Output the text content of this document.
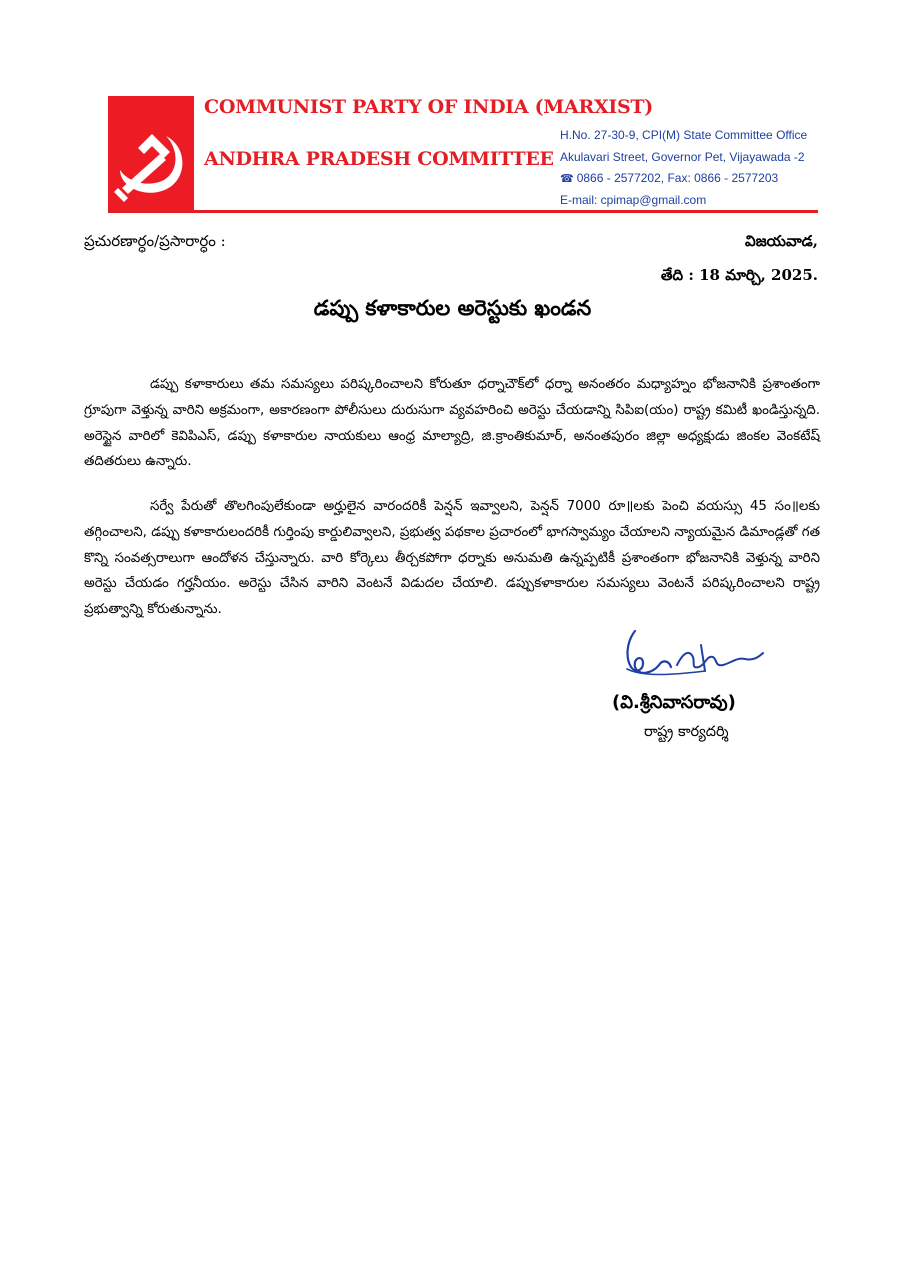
COMMUNIST PARTY OF INDIA (MARXIST)
ANDHRA PRADESH COMMITTEE
H.No. 27-30-9, CPI(M) State Committee Office
Akulavari Street, Governor Pet, Vijayawada -2
☎ 0866 - 2577202, Fax: 0866 - 2577203
E-mail: cpimap@gmail.com
ప్రచురణార్ధం/ప్రసారార్ధం :	విజయవాడ,
తేది : 18 మార్చి, 2025.
డప్పు కళాకారుల అరెస్టుకు ఖండన
డప్పు కళాకారులు తమ సమస్యలు పరిష్కరించాలని కోరుతూ ధర్నాచౌక్‌లో ధర్నా అనంతరం మధ్యాహ్నం భోజనానికి ప్రశాంతంగా గ్రూపుగా వెళ్తున్న వారిని అక్రమంగా, అకారణంగా పోలీసులు దురుసుగా వ్యవహరించి అరెస్టు చేయడాన్ని సిపిఐ(యం) రాష్ట్ర కమిటీ ఖండిస్తున్నది. అరెస్టైన వారిలో కెవిపిఎస్, డప్పు కళాకారుల నాయకులు ఆంధ్ర మాల్యాద్రి, జి.క్రాంతికుమార్, అనంతపురం జిల్లా అధ్యక్షుడు జింకల వెంకటేష్ తదితరులు ఉన్నారు.
సర్వే పేరుతో తొలగింపులేకుండా అర్హులైన వారందరికీ పెన్షన్ ఇవ్వాలని, పెన్షన్ 7000 రూ॥లకు పెంచి వయస్సు 45 సం॥లకు తగ్గించాలని, డప్పు కళాకారులందరికీ గుర్తింపు కార్డులివ్వాలని, ప్రభుత్వ పథకాల ప్రచారంలో భాగస్వామ్యం చేయాలని న్యాయమైన డిమాండ్లతో గత కొన్ని సంవత్సరాలుగా ఆందోళన చేస్తున్నారు. వారి కోర్కెలు తీర్చకపోగా ధర్నాకు అనుమతి ఉన్నప్పటికీ ప్రశాంతంగా భోజనానికి వెళ్తున్న వారిని అరెస్టు చేయడం గర్హనీయం. అరెస్టు చేసిన వారిని వెంటనే విడుదల చేయాలి. డప్పుకళాకారుల సమస్యలు వెంటనే పరిష్కరించాలని రాష్ట్ర ప్రభుత్వాన్ని కోరుతున్నాను.
(వి.శ్రీనివాసరావు)
రాష్ట్ర కార్యదర్శి
